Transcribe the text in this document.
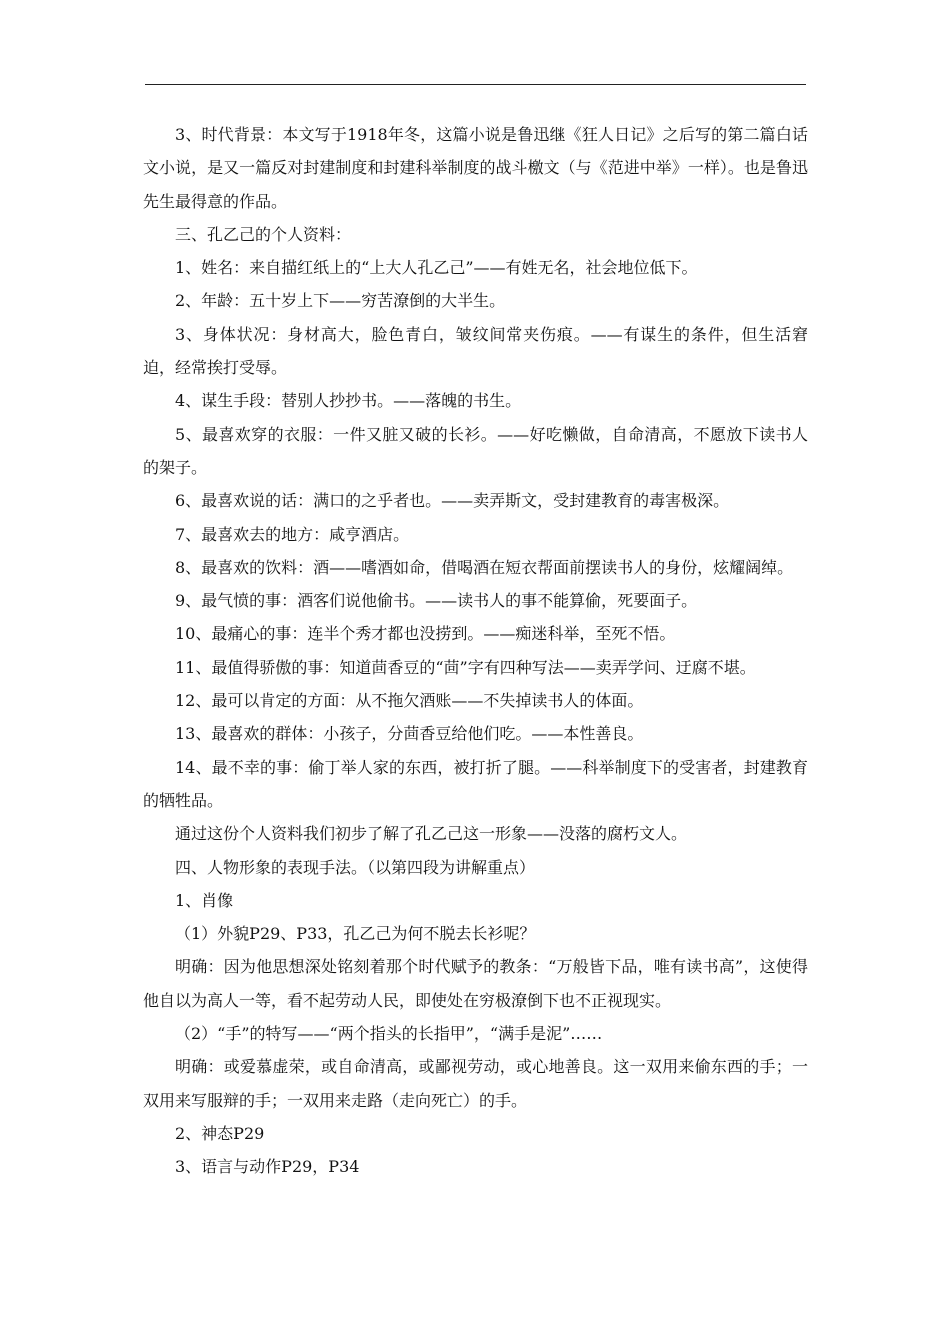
3、时代背景：本文写于1918年冬，这篇小说是鲁迅继《狂人日记》之后写的第二篇白话文小说，是又一篇反对封建制度和封建科举制度的战斗檄文（与《范进中举》一样）。也是鲁迅先生最得意的作品。

三、孔乙己的个人资料：

1、姓名：来自描红纸上的“上大人孔乙己”——有姓无名，社会地位低下。

2、年龄：五十岁上下——穷苦潦倒的大半生。

3、身体状况：身材高大，脸色青白，皱纹间常夹伤痕。——有谋生的条件，但生活窘迫，经常挨打受辱。

4、谋生手段：替别人抄抄书。——落魄的书生。

5、最喜欢穿的衣服：一件又脏又破的长衫。——好吃懒做，自命清高，不愿放下读书人的架子。

6、最喜欢说的话：满口的之乎者也。——卖弄斯文，受封建教育的毒害极深。

7、最喜欢去的地方：咸亨酒店。

8、最喜欢的饮料：酒——嗜酒如命，借喝酒在短衣帮面前摆读书人的身份，炫耀阔绰。

9、最气愤的事：酒客们说他偷书。——读书人的事不能算偷，死要面子。

10、最痛心的事：连半个秀才都也没捞到。——痴迷科举，至死不悟。

11、最值得骄傲的事：知道茴香豆的“茴”字有四种写法——卖弄学问、迂腐不堪。

12、最可以肯定的方面：从不拖欠酒账——不失掉读书人的体面。

13、最喜欢的群体：小孩子，分茴香豆给他们吃。——本性善良。

14、最不幸的事：偷丁举人家的东西，被打折了腿。——科举制度下的受害者，封建教育的牺牲品。

通过这份个人资料我们初步了解了孔乙己这一形象——没落的腐朽文人。

四、人物形象的表现手法。（以第四段为讲解重点）

1、肖像

（1）外貌P29、P33，孔乙己为何不脱去长衫呢？

明确：因为他思想深处铭刻着那个时代赋予的教条：“万般皆下品，唯有读书高”，这使得他自以为高人一等，看不起劳动人民，即使处在穷极潦倒下也不正视现实。

（2）“手”的特写——“两个指头的长指甲”，“满手是泥”……

明确：或爱慕虚荣，或自命清高，或鄙视劳动，或心地善良。这一双用来偷东西的手；一双用来写服辩的手；一双用来走路（走向死亡）的手。

2、神态P29

3、语言与动作P29，P34
